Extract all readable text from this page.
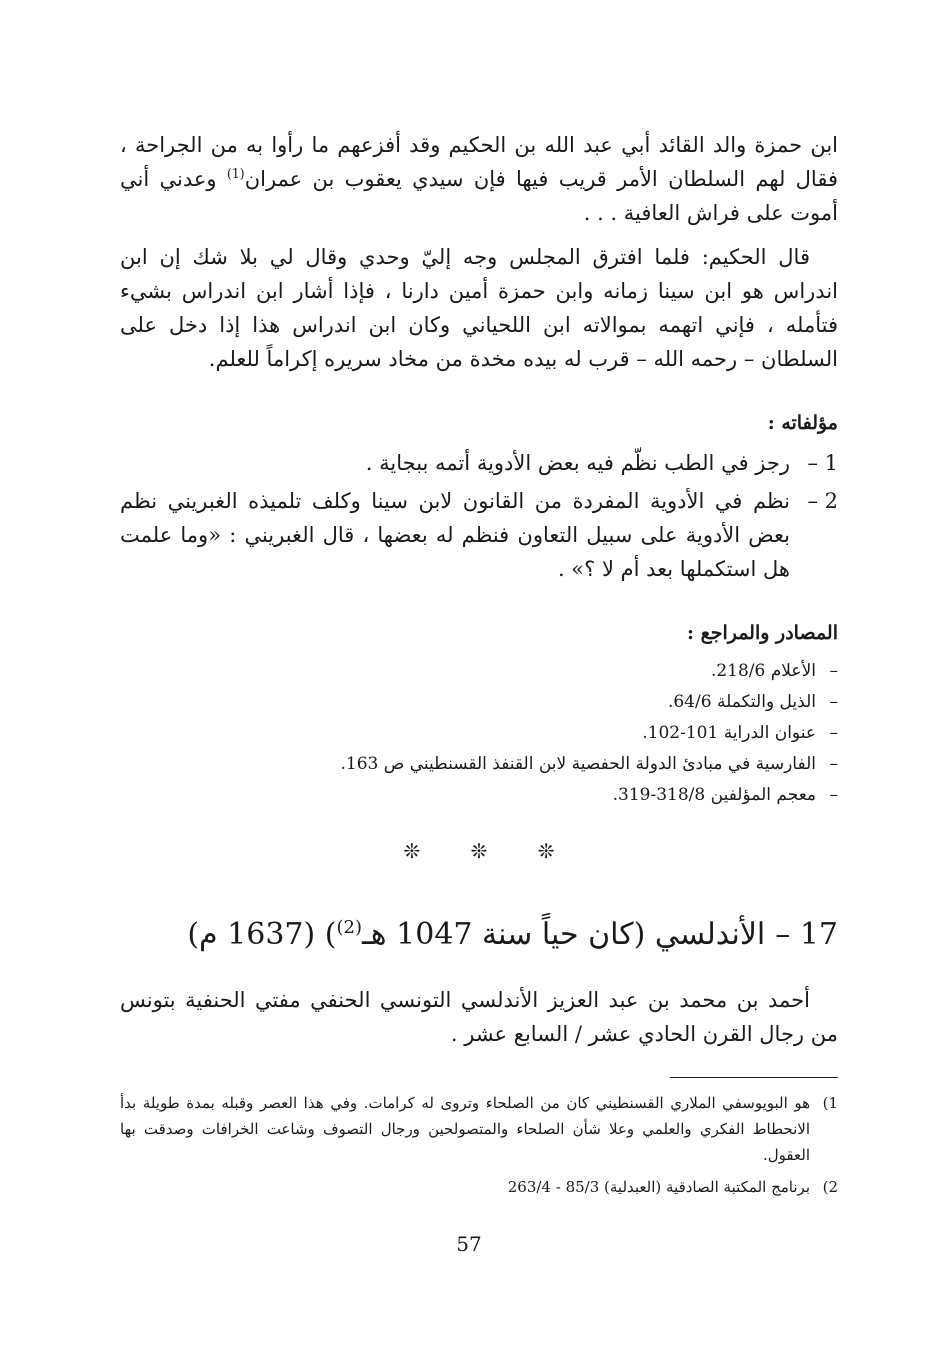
ابن حمزة والد القائد أبي عبد الله بن الحكيم وقد أفزعهم ما رأوا به من الجراحة ، فقال لهم السلطان الأمر قريب فيها فإن سيدي يعقوب بن عمران$^{(1)}$ وعدني أني أموت على فراش العافية . . .

قال الحكيم: فلما افترق المجلس وجه إليّ وحدي وقال لي بلا شك إن ابن اندراس هو ابن سينا زمانه وابن حمزة أمين دارنا ، فإذا أشار ابن اندراس بشيء فتأمله ، فإني اتهمه بموالاته ابن اللحياني وكان ابن اندراس هذا إذا دخل على السلطان – رحمه الله – قرب له بيده مخدة من مخاد سريره إكراماً للعلم.

مؤلفاته :
1 –
رجز في الطب نظّم فيه بعض الأدوية أتمه ببجاية .
2 –
نظم في الأدوية المفردة من القانون لابن سينا وكلف تلميذه الغبريني نظم بعض الأدوية على سبيل التعاون فنظم له بعضها ، قال الغبريني : «وما علمت هل استكملها بعد أم لا ؟» .
المصادر والمراجع :
–
الأعلام 218/6.
–
الذيل والتكملة 64/6.
–
عنوان الدراية 101-102.
–
الفارسية في مبادئ الدولة الحفصية لابن القنفذ القسنطيني ص 163.
–
معجم المؤلفين 318/8-319.
❊ ❊ ❊
17 –الأندلسي (كان حياً سنة 1047 هـ$^{(2)}$) (1637 م)

أحمد بن محمد بن عبد العزيز الأندلسي التونسي الحنفي مفتي الحنفية بتونس من رجال القرن الحادي عشر / السابع عشر .

1)
هو البويوسفي الملاري القسنطيني كان من الصلحاء وتروى له كرامات. وفي هذا العصر وقبله بمدة طويلة بدأ الانحطاط الفكري والعلمي وعلا شأن الصلحاء والمتصولحين ورجال التصوف وشاعت الخرافات وصدقت بها العقول.
2)
برنامج المكتبة الصادقية (العبدلية) 85/3 - 263/4
57
